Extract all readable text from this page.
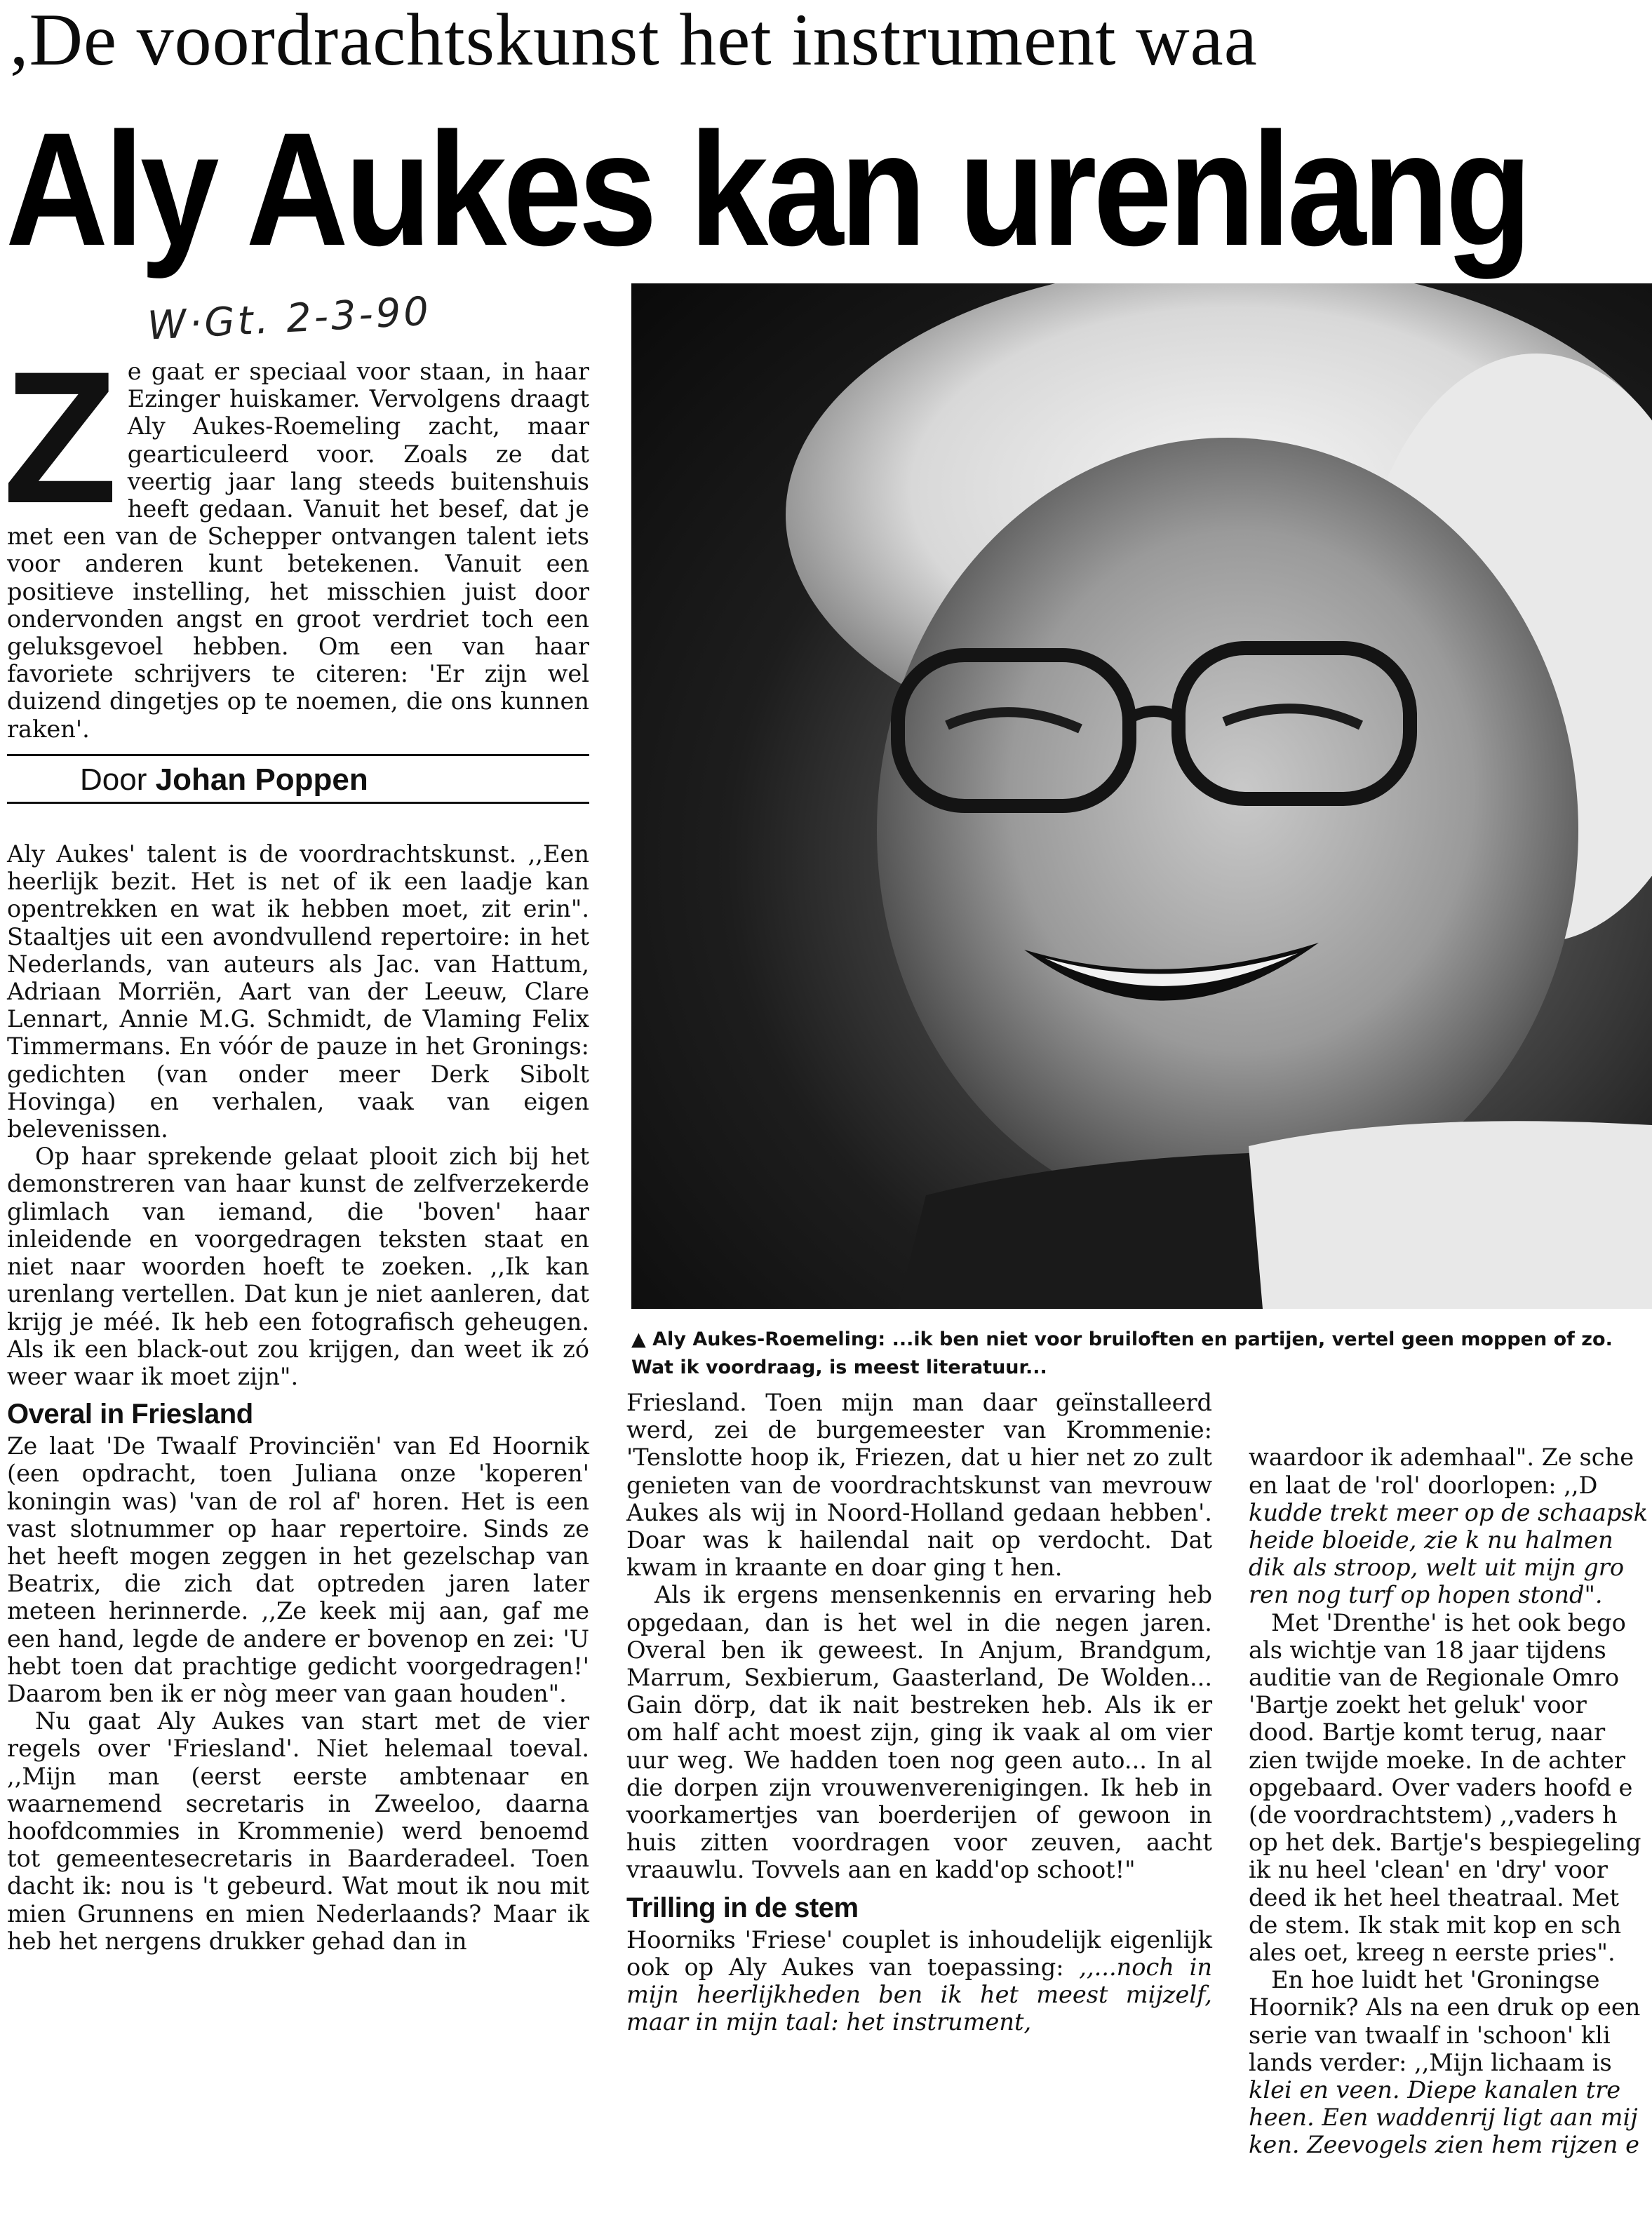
,De voordrachtskunst het instrument waa
Aly Aukes kan urenlang
W·Gt. 2-3-90
Z e gaat er speciaal voor staan, in haar Ezinger huiskamer. Vervolgens draagt Aly Aukes-Roemeling zacht, maar gearticuleerd voor. Zoals ze dat veertig jaar lang steeds buitenshuis heeft gedaan. Vanuit het besef, dat je met een van de Schepper ontvangen talent iets voor anderen kunt betekenen. Vanuit een positieve instelling, het misschien juist door ondervonden angst en groot verdriet toch een geluksgevoel hebben. Om een van haar favoriete schrijvers te citeren: 'Er zijn wel duizend dingetjes op te noemen, die ons kunnen raken'.

Door Johan Poppen

Aly Aukes' talent is de voordrachtskunst. ,,Een heerlijk bezit. Het is net of ik een laadje kan opentrekken en wat ik hebben moet, zit erin". Staaltjes uit een avondvullend repertoire: in het Nederlands, van auteurs als Jac. van Hattum, Adriaan Morriën, Aart van der Leeuw, Clare Lennart, Annie M.G. Schmidt, de Vlaming Felix Timmermans. En vóór de pauze in het Gronings: gedichten (van onder meer Derk Sibolt Hovinga) en verhalen, vaak van eigen belevenissen.

Op haar sprekende gelaat plooit zich bij het demonstreren van haar kunst de zelfverzekerde glimlach van iemand, die 'boven' haar inleidende en voorgedragen teksten staat en niet naar woorden hoeft te zoeken. ,,Ik kan urenlang vertellen. Dat kun je niet aanleren, dat krijg je méé. Ik heb een fotografisch geheugen. Als ik een black-out zou krijgen, dan weet ik zó weer waar ik moet zijn".

Overal in Friesland

Ze laat 'De Twaalf Provinciën' van Ed Hoornik (een opdracht, toen Juliana onze 'koperen' koningin was) 'van de rol af' horen. Het is een vast slotnummer op haar repertoire. Sinds ze het heeft mogen zeggen in het gezelschap van Beatrix, die zich dat optreden jaren later meteen herinnerde. ,,Ze keek mij aan, gaf me een hand, legde de andere er bovenop en zei: 'U hebt toen dat prachtige gedicht voorgedragen!' Daarom ben ik er nòg meer van gaan houden".

Nu gaat Aly Aukes van start met de vier regels over 'Friesland'. Niet helemaal toeval. ,,Mijn man (eerst eerste ambtenaar en waarnemend secretaris in Zweeloo, daarna hoofdcommies in Krommenie) werd benoemd tot gemeentesecretaris in Baarderadeel. Toen dacht ik: nou is 't gebeurd. Wat mout ik nou mit mien Grunnens en mien Nederlaands? Maar ik heb het nergens drukker gehad dan in

▲ Aly Aukes-Roemeling: ...ik ben niet voor bruiloften en partijen, vertel geen moppen of zo. Wat ik voordraag, is meest literatuur...

Friesland. Toen mijn man daar geïnstalleerd werd, zei de burgemeester van Krommenie: 'Tenslotte hoop ik, Friezen, dat u hier net zo zult genieten van de voordrachtskunst van mevrouw Aukes als wij in Noord-Holland gedaan hebben'. Doar was k hailendal nait op verdocht. Dat kwam in kraante en doar ging t hen.

Als ik ergens mensenkennis en ervaring heb opgedaan, dan is het wel in die negen jaren. Overal ben ik geweest. In Anjum, Brandgum, Marrum, Sexbierum, Gaasterland, De Wolden... Gain dörp, dat ik nait bestreken heb. Als ik er om half acht moest zijn, ging ik vaak al om vier uur weg. We hadden toen nog geen auto... In al die dorpen zijn vrouwenverenigingen. Ik heb in voorkamertjes van boerderijen of gewoon in huis zitten voordragen voor zeuven, aacht vraauwlu. Tovvels aan en kadd'op schoot!"

Trilling in de stem

Hoorniks 'Friese' couplet is inhoudelijk eigenlijk ook op Aly Aukes van toepassing: ,,...noch in mijn heerlijkheden ben ik het meest mijzelf, maar in mijn taal: het instrument,

waardoor ik ademhaal". Ze sche
en laat de 'rol' doorlopen: ,,D
kudde trekt meer op de schaapsk
heide bloeide, zie k nu halmen
dik als stroop, welt uit mijn gro
ren nog turf op hopen stond".
Met 'Drenthe' is het ook bego
als wichtje van 18 jaar tijdens
auditie van de Regionale Omro
'Bartje zoekt het geluk' voor
dood. Bartje komt terug, naar
zien twijde moeke. In de achter
opgebaard. Over vaders hoofd e
(de voordrachtstem) ,,vaders h
op het dek. Bartje's bespiegeling
ik nu heel 'clean' en 'dry' voor
deed ik het heel theatraal. Met
de stem. Ik stak mit kop en sch
ales oet, kreeg n eerste pries".
En hoe luidt het 'Groningse
Hoornik? Als na een druk op een
serie van twaalf in 'schoon' kli
lands verder: ,,Mijn lichaam is
klei en veen. Diepe kanalen tre
heen. Een waddenrij ligt aan mij
ken. Zeevogels zien hem rijzen e
